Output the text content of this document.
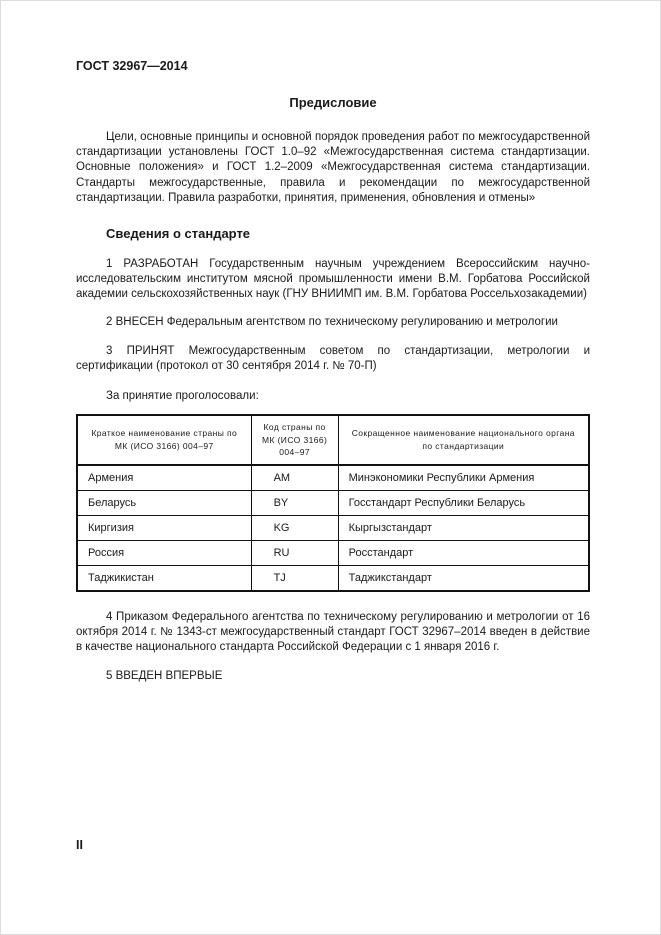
ГОСТ 32967—2014
Предисловие

Цели, основные принципы и основной порядок проведения работ по межгосударственной стандартизации установлены ГОСТ 1.0–92 «Межгосударственная система стандартизации. Основные положения» и ГОСТ 1.2–2009 «Межгосударственная система стандартизации. Стандарты межгосударственные, правила и рекомендации по межгосударственной стандартизации. Правила разработки, принятия, применения, обновления и отмены»

Сведения о стандарте

1 РАЗРАБОТАН Государственным научным учреждением Всероссийским научно-исследовательским институтом мясной промышленности имени В.М. Горбатова Российской академии сельскохозяйственных наук (ГНУ ВНИИМП им. В.М. Горбатова Россельхозакадемии)

2 ВНЕСЕН Федеральным агентством по техническому регулированию и метрологии

3 ПРИНЯТ Межгосударственным советом по стандартизации, метрологии и сертификации (протокол от 30 сентября 2014 г. № 70-П)

За принятие проголосовали:
Краткое наименование страны по МК (ИСО 3166) 004–97	Код страны по МК (ИСО 3166) 004–97	Сокращенное наименование национального органа по стандартизации
Армения	AM	Минэкономики Республики Армения
Беларусь	BY	Госстандарт Республики Беларусь
Киргизия	KG	Кыргызстандарт
Россия	RU	Росстандарт
Таджикистан	TJ	Таджикстандарт

4 Приказом Федерального агентства по техническому регулированию и метрологии от 16 октября 2014 г. № 1343-ст межгосударственный стандарт ГОСТ 32967–2014 введен в действие в качестве национального стандарта Российской Федерации с 1 января 2016 г.

5 ВВЕДЕН ВПЕРВЫЕ

II
